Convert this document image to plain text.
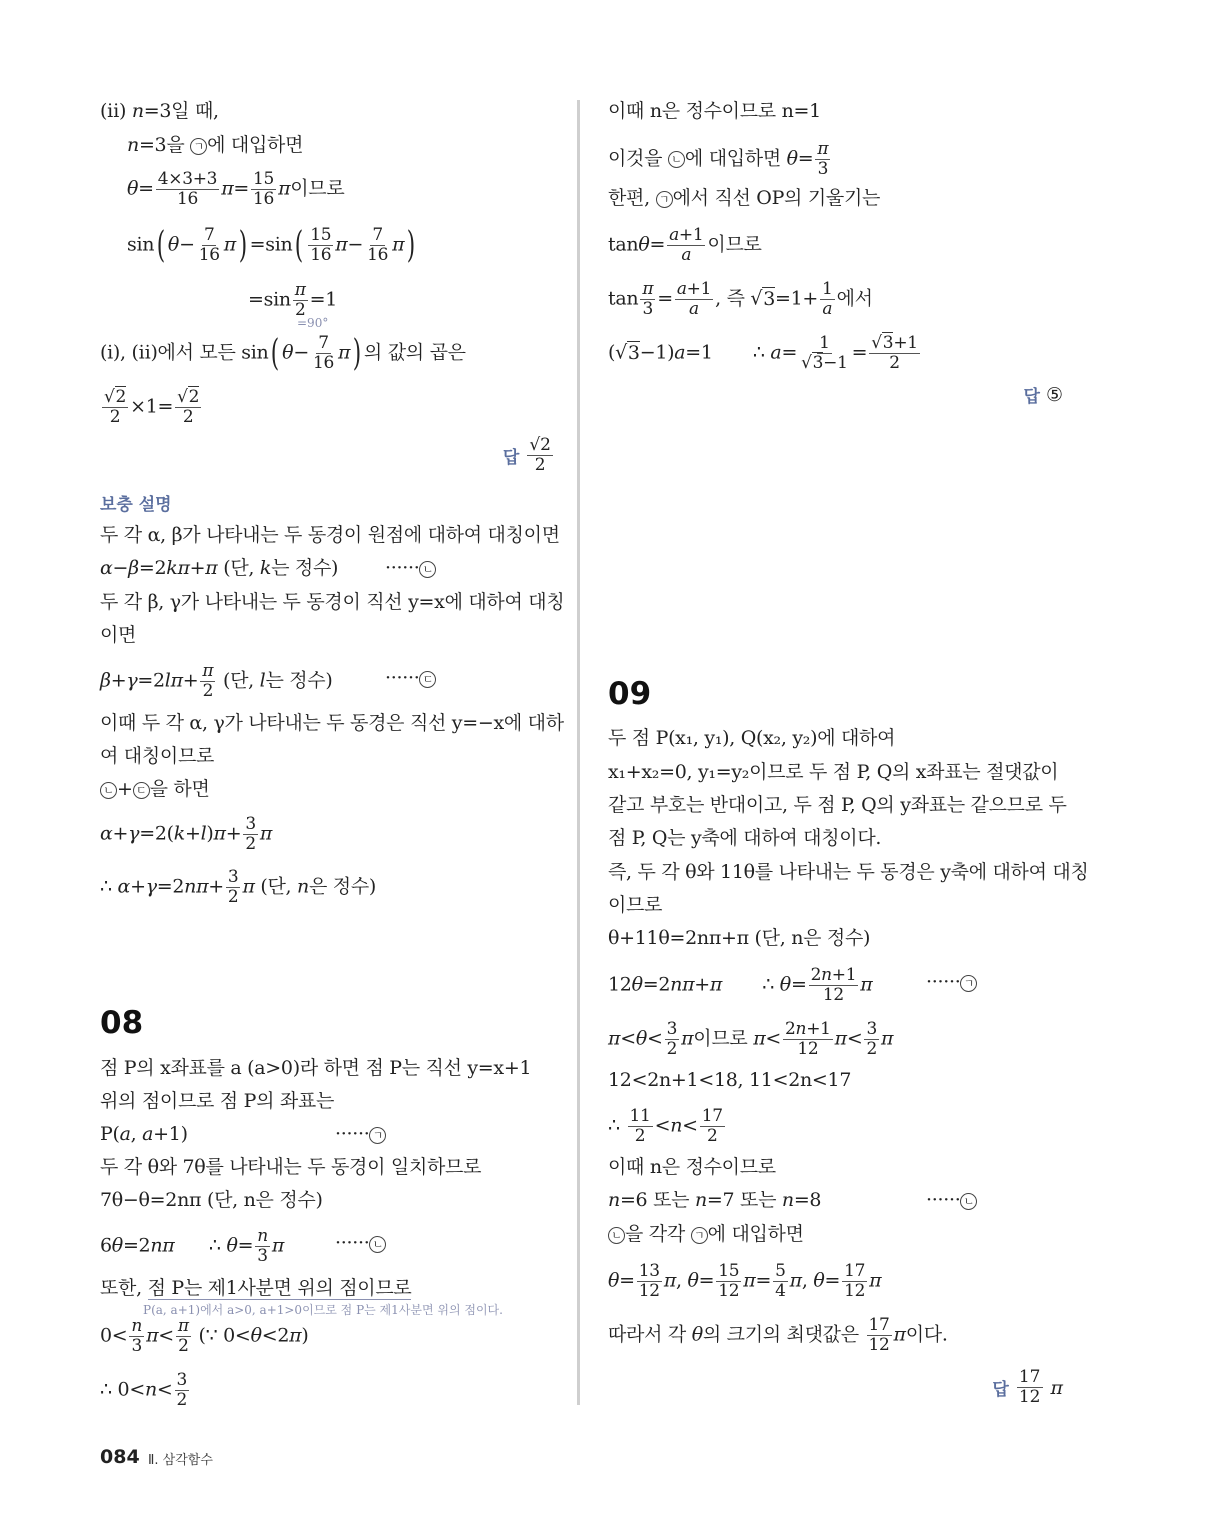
(ⅱ) n=3일 때,
n=3을 ㄱ 에 대입하면
$\theta= \frac{4\times 3+3}{16} \pi= \frac{15}{16}$ π이므로
sin( $\theta- \frac{7}{16} \pi) =\sin( \frac{15}{16} \pi- \frac{7}{16} \pi)$
$=\sin \frac{\pi}{2} =1$
=90°
(ⅰ), (ⅱ)에서 모든 sin( $\theta- \frac{7}{16} \pi$) 의 값의 곱은
$\frac{√2}{2} \times 1= \frac{√2}{2}$
답 $\frac{√2}{2}$
보충 설명
두 각 α, β가 나타내는 두 동경이 원점에 대하여 대칭이면
α−β=2kπ+π (단, k는 정수) ······ ㄴ
두 각 β, γ가 나타내는 두 동경이 직선 y=x에 대하여 대칭
이면
$\beta+\gamma=2l\pi+ \frac{\pi}{2}$ (단, l는 정수)	······ ㄷ
이때 두 각 α, γ가 나타내는 두 동경은 직선 y=−x에 대하
여 대칭이므로
ㄴ + ㄷ 을 하면
$\alpha+\gamma=2(k+l)\pi+ \frac{3}{2}$ π
∴ $\alpha+\gamma=2n\pi+ \frac{3}{2}$ π (단, n은 정수)
08
점 P의 x좌표를 a (a>0)라 하면 점 P는 직선 y=x+1
위의 점이므로 점 P의 좌표는
P(a, a+1)	······ ㄱ
두 각 θ와 7θ를 나타내는 두 동경이 일치하므로
7θ−θ=2nπ (단, n은 정수)
6θ=2nπ      ∴ $\theta= \frac{n}{3}$ π	······ ㄴ
또한, 점 P는 제1사분면 위의 점이므로
P(a, a+1)에서 a>0, a+1>0이므로 점 P는 제1사분면 위의 점이다.
$0< \frac{n}{3} \pi< \frac{\pi}{2}$ (∵ 0<θ<2π)
∴ $0<n< \frac{3}{2}$
이때 n은 정수이므로 n=1
이것을 ㄴ 에 대입하면 $\theta= \frac{\pi}{3}$
한편, ㄱ 에서 직선 OP의 기울기는
$\tan\theta= \frac{a+1}{a}$ 이므로
$\tan \frac{\pi}{3} = \frac{a+1}{a}$ , 즉 $√3=1+ \frac{1}{a}$ 에서
(√3−1)a=1       ∴ $a= \frac{1}{√3-1} = \frac{√3+1}{2}$
답 ⑤
09
두 점 P(x₁, y₁), Q(x₂, y₂)에 대하여
x₁+x₂=0, y₁=y₂이므로 두 점 P, Q의 x좌표는 절댓값이
같고 부호는 반대이고, 두 점 P, Q의 y좌표는 같으므로 두
점 P, Q는 y축에 대하여 대칭이다.
즉, 두 각 θ와 11θ를 나타내는 두 동경은 y축에 대하여 대칭
이므로
θ+11θ=2nπ+π (단, n은 정수)
12θ=2nπ+π       ∴ $\theta= \frac{2n+1}{12}$ π	······ ㄱ
$\pi<\theta< \frac{3}{2}$ π이므로 $\pi< \frac{2n+1}{12} \pi< \frac{3}{2}$ π
12<2n+1<18, 11<2n<17
∴ $\frac{11}{2} <n< \frac{17}{2}$
이때 n은 정수이므로
n=6 또는 n=7 또는 n=8	······ ㄴ
ㄴ 을 각각 ㄱ 에 대입하면
$\theta= \frac{13}{12} \pi$, $\theta= \frac{15}{12} \pi= \frac{5}{4} \pi$, $\theta= \frac{17}{12}$ π
따라서 각 θ의 크기의 최댓값은 $\frac{17}{12}$ π이다.
답 $\frac{17}{12}$ π
084 Ⅱ. 삼각함수
